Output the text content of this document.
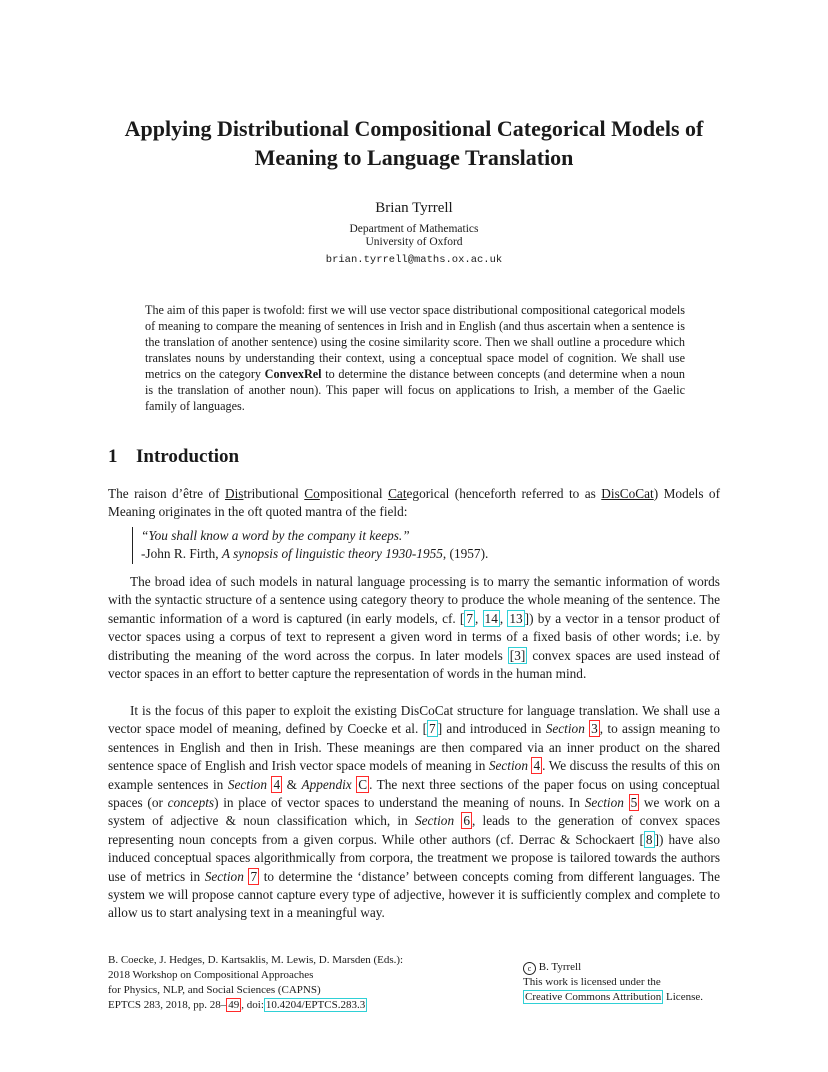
Applying Distributional Compositional Categorical Models of
Meaning to Language Translation
Brian Tyrrell
Department of Mathematics
University of Oxford
brian.tyrrell@maths.ox.ac.uk

The aim of this paper is twofold: first we will use vector space distributional compositional categorical models of meaning to compare the meaning of sentences in Irish and in English (and thus ascertain when a sentence is the translation of another sentence) using the cosine similarity score. Then we shall outline a procedure which translates nouns by understanding their context, using a conceptual space model of cognition. We shall use metrics on the category ConvexRel to determine the distance between concepts (and determine when a noun is the translation of another noun). This paper will focus on applications to Irish, a member of the Gaelic family of languages.

1 Introduction

The raison d’être of Distributional Compositional Categorical (henceforth referred to as DisCoCat) Models of Meaning originates in the oft quoted mantra of the field:

“You shall know a word by the company it keeps.”
-John R. Firth, A synopsis of linguistic theory 1930-1955, (1957).

The broad idea of such models in natural language processing is to marry the semantic information of words with the syntactic structure of a sentence using category theory to produce the whole meaning of the sentence. The semantic information of a word is captured (in early models, cf. [ 7 , 14 , 13 ]) by a vector in a tensor product of vector spaces using a corpus of text to represent a given word in terms of a fixed basis of other words; i.e. by distributing the meaning of the word across the corpus. In later models [3] convex spaces are used instead of vector spaces in an effort to better capture the representation of words in the human mind.

It is the focus of this paper to exploit the existing DisCoCat structure for language translation. We shall use a vector space model of meaning, defined by Coecke et al. [ 7 ] and introduced in Section 3 , to assign meaning to sentences in English and then in Irish. These meanings are then compared via an inner product on the shared sentence space of English and Irish vector space models of meaning in Section 4 . We discuss the results of this on example sentences in Section 4 & Appendix C . The next three sections of the paper focus on using conceptual spaces (or concepts) in place of vector spaces to understand the meaning of nouns. In Section 5 we work on a system of adjective & noun classification which, in Section 6 , leads to the generation of convex spaces representing noun concepts from a given corpus. While other authors (cf. Derrac & Schockaert [ 8 ]) have also induced conceptual spaces algorithmically from corpora, the treatment we propose is tailored towards the authors use of metrics in Section 7 to determine the ‘distance’ between concepts coming from different languages. The system we will propose cannot capture every type of adjective, however it is sufficiently complex and complete to allow us to start analysing text in a meaningful way.

B. Coecke, J. Hedges, D. Kartsaklis, M. Lewis, D. Marsden (Eds.):
2018 Workshop on Compositional Approaches
for Physics, NLP, and Social Sciences (CAPNS)
EPTCS 283, 2018, pp. 28– 49 , doi: 10.4204/EPTCS.283.3
c B. Tyrrell
This work is licensed under the
Creative Commons Attribution License.
